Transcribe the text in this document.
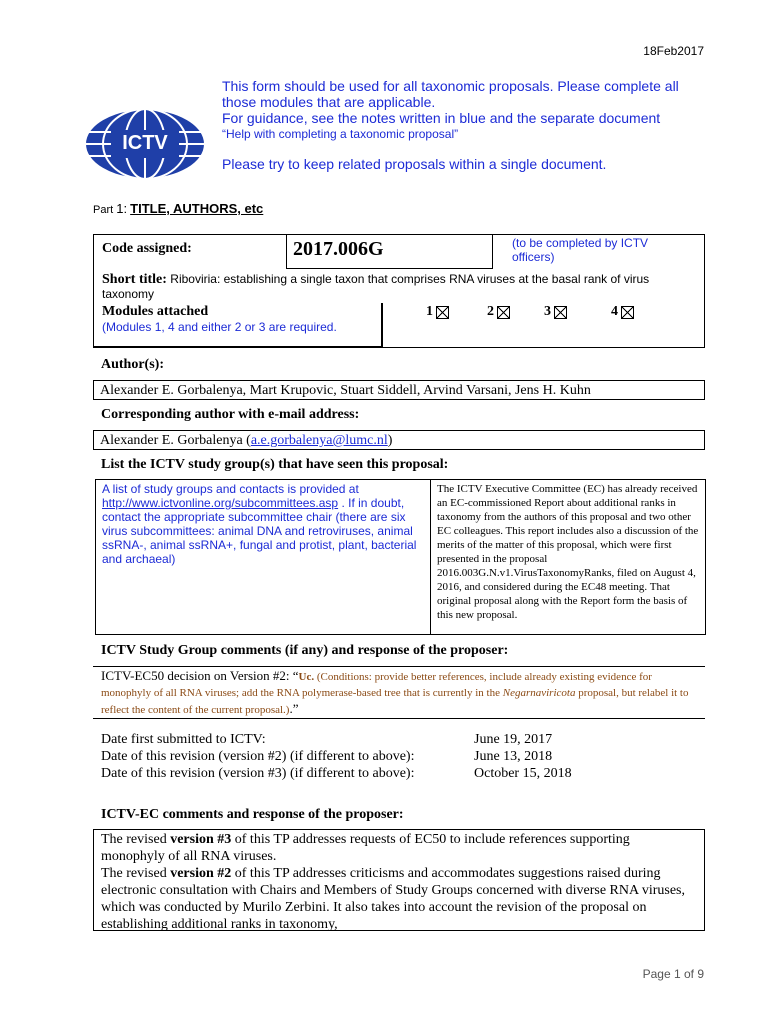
18Feb2017
ICTV

This form should be used for all taxonomic proposals. Please complete all those modules that are applicable.

For guidance, see the notes written in blue and the separate document

“Help with completing a taxonomic proposal”

Please try to keep related proposals within a single document.

Part 1: TITLE, AUTHORS, etc
Code assigned:	2017.006G	(to be completed by ICTV officers)
Short title: Riboviria: establishing a single taxon that comprises RNA viruses at the basal rank of virus taxonomy
Modules attached
(Modules 1, 4 and either 2 or 3 are required.
1	2	3	4
Author(s):
Alexander E. Gorbalenya, Mart Krupovic, Stuart Siddell, Arvind Varsani, Jens H. Kuhn
Corresponding author with e-mail address:
Alexander E. Gorbalenya (a.e.gorbalenya@lumc.nl)
List the ICTV study group(s) that have seen this proposal:
A list of study groups and contacts is provided at http://www.ictvonline.org/subcommittees.asp . If in doubt, contact the appropriate subcommittee chair (there are six virus subcommittees: animal DNA and retroviruses, animal ssRNA-, animal ssRNA+, fungal and protist, plant, bacterial and archaeal)
The ICTV Executive Committee (EC) has already received an EC-commissioned Report about additional ranks in taxonomy from the authors of this proposal and two other EC colleagues. This report includes also a discussion of the merits of the matter of this proposal, which were first presented in the proposal 2016.003G.N.v1.VirusTaxonomyRanks, filed on August 4, 2016, and considered during the EC48 meeting. That original proposal along with the Report form the basis of this new proposal.
ICTV Study Group comments (if any) and response of the proposer:
ICTV-EC50 decision on Version #2: “Uc. (Conditions: provide better references, include already existing evidence for monophyly of all RNA viruses; add the RNA polymerase-based tree that is currently in the Negarnaviricota proposal, but relabel it to reflect the content of the current proposal.).”
Date first submitted to ICTV:	June 19, 2017
Date of this revision (version #2) (if different to above):	June 13, 2018
Date of this revision (version #3) (if different to above):	October 15, 2018
ICTV-EC comments and response of the proposer:

The revised version #3 of this TP addresses requests of EC50 to include references supporting monophyly of all RNA viruses.

The revised version #2 of this TP addresses criticisms and accommodates suggestions raised during electronic consultation with Chairs and Members of Study Groups concerned with diverse RNA viruses, which was conducted by Murilo Zerbini. It also takes into account the revision of the proposal on establishing additional ranks in taxonomy,

Page 1 of 9
